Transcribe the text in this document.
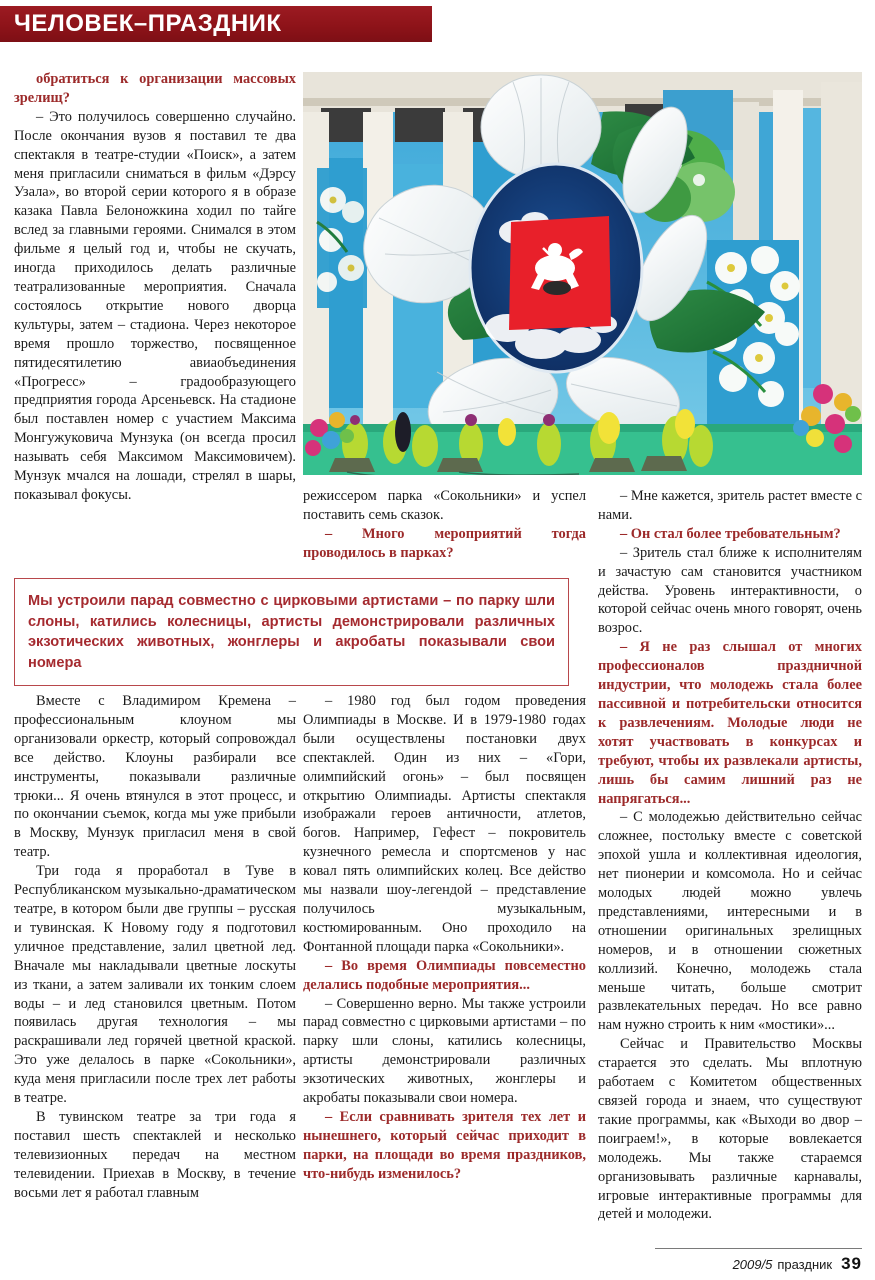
ЧЕЛОВЕК–ПРАЗДНИК

обратиться к организации массовых зрелищ?

– Это получилось совершенно случайно. После окончания вузов я поставил те два спектакля в театре-студии «Поиск», а затем меня пригласили сниматься в фильм «Дэрсу Узала», во второй серии которого я в образе казака Павла Белоножкина ходил по тайге вслед за главными героями. Снимался в этом фильме я целый год и, чтобы не скучать, иногда приходилось делать различные театрализованные мероприятия. Сначала состоялось открытие нового дворца культуры, затем – стадиона. Через некоторое время прошло торжество, посвященное пятидесятилетию авиаобъединения «Прогресс» – градообразующего предприятия города Арсеньевск. На стадионе был поставлен номер с участием Максима Монгужуковича Мунзука (он всегда просил называть себя Максимом Максимовичем). Мунзук мчался на лошади, стрелял в шары, показывал фокусы.	режиссером парка «Сокольники» и успел поставить семь сказок.

– Много мероприятий тогда проводилось в парках?

– Мне кажется, зритель растет вместе с нами.

– Он стал более требовательным?

– Зритель стал ближе к исполнителям и зачастую сам становится участником действа. Уровень интерактивности, о которой сейчас очень много говорят, очень возрос.

– Я не раз слышал от многих профессионалов праздничной индустрии, что молодежь стала более пассивной и потребительски относится к развлечениям. Молодые люди не хотят участвовать в конкурсах и требуют, чтобы их развлекали артисты, лишь бы самим лишний раз не напрягаться...

– С молодежью действительно сейчас сложнее, постольку вместе с советской эпохой ушла и коллективная идеология, нет пионерии и комсомола. Но и сейчас молодых людей можно увлечь представлениями, интересными и в отношении оригинальных зрелищных номеров, и в отношении сюжетных коллизий. Конечно, молодежь стала меньше читать, больше смотрит развлекательных передач. Но все равно нам нужно строить к ним «мостики»...

Сейчас и Правительство Москвы старается это сделать. Мы вплотную работаем с Комитетом общественных связей города и знаем, что существуют такие программы, как «Выходи во двор – поиграем!», в которые вовлекается молодежь. Мы также стараемся организовывать различные карнавалы, игровые интерактивные программы для детей и молодежи.

Мы устроили парад совместно с цирковыми артистами – по парку шли слоны, катились колесницы, артисты демонстрировали различных экзотических животных, жонглеры и акробаты показывали свои номера

Вместе с Владимиром Кремена – профессиональным клоуном мы организовали оркестр, который сопровождал все действо. Клоуны разбирали все инструменты, показывали различные трюки... Я очень втянулся в этот процесс, и по окончании съемок, когда мы уже прибыли в Москву, Мунзук пригласил меня в свой театр.

Три года я проработал в Туве в Республиканском музыкально-драматическом театре, в котором были две группы – русская и тувинская. К Новому году я подготовил уличное представление, залил цветной лед. Вначале мы накладывали цветные лоскуты из ткани, а затем заливали их тонким слоем воды – и лед становился цветным. Потом появилась другая технология – мы раскрашивали лед горячей цветной краской. Это уже делалось в парке «Сокольники», куда меня пригласили после трех лет работы в театре.

В тувинском театре за три года я поставил шесть спектаклей и несколько телевизионных передач на местном телевидении. Приехав в Москву, в течение восьми лет я работал главным

– 1980 год был годом проведения Олимпиады в Москве. И в 1979-1980 годах были осуществлены постановки двух спектаклей. Один из них – «Гори, олимпийский огонь» – был посвящен открытию Олимпиады. Артисты спектакля изображали героев античности, атлетов, богов. Например, Гефест – покровитель кузнечного ремесла и спортсменов у нас ковал пять олимпийских колец. Все действо мы назвали шоу-легендой – представление получилось музыкальным, костюмированным. Оно проходило на Фонтанной площади парка «Сокольники».

– Во время Олимпиады повсеместно делались подобные мероприятия...

– Совершенно верно. Мы также устроили парад совместно с цирковыми артистами – по парку шли слоны, катились колесницы, артисты демонстрировали различных экзотических животных, жонглеры и акробаты показывали свои номера.

– Если сравнивать зрителя тех лет и нынешнего, который сейчас приходит в парки, на площади во время праздников, что-нибудь изменилось?

2009/5 праздник 39
